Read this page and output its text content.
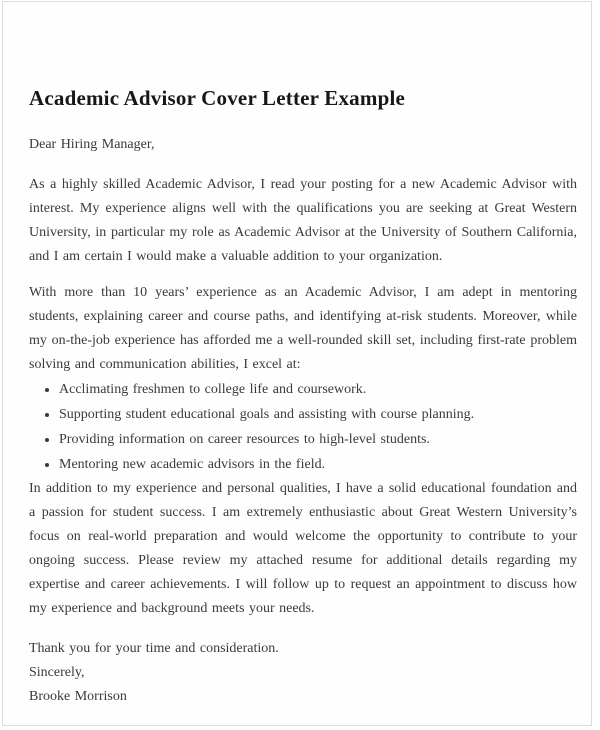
Academic Advisor Cover Letter Example

Dear Hiring Manager,

As a highly skilled Academic Advisor, I read your posting for a new Academic Advisor with interest. My experience aligns well with the qualifications you are seeking at Great Western University, in particular my role as Academic Advisor at the University of Southern California, and I am certain I would make a valuable addition to your organization.

With more than 10 years’ experience as an Academic Advisor, I am adept in mentoring students, explaining career and course paths, and identifying at-risk students. Moreover, while my on-the-job experience has afforded me a well-rounded skill set, including first-rate problem solving and communication abilities, I excel at:

• Acclimating freshmen to college life and coursework.
• Supporting student educational goals and assisting with course planning.
• Providing information on career resources to high-level students.
• Mentoring new academic advisors in the field.

In addition to my experience and personal qualities, I have a solid educational foundation and a passion for student success. I am extremely enthusiastic about Great Western University’s focus on real-world preparation and would welcome the opportunity to contribute to your ongoing success. Please review my attached resume for additional details regarding my expertise and career achievements. I will follow up to request an appointment to discuss how my experience and background meets your needs.

Thank you for your time and consideration.

Sincerely,

Brooke Morrison
